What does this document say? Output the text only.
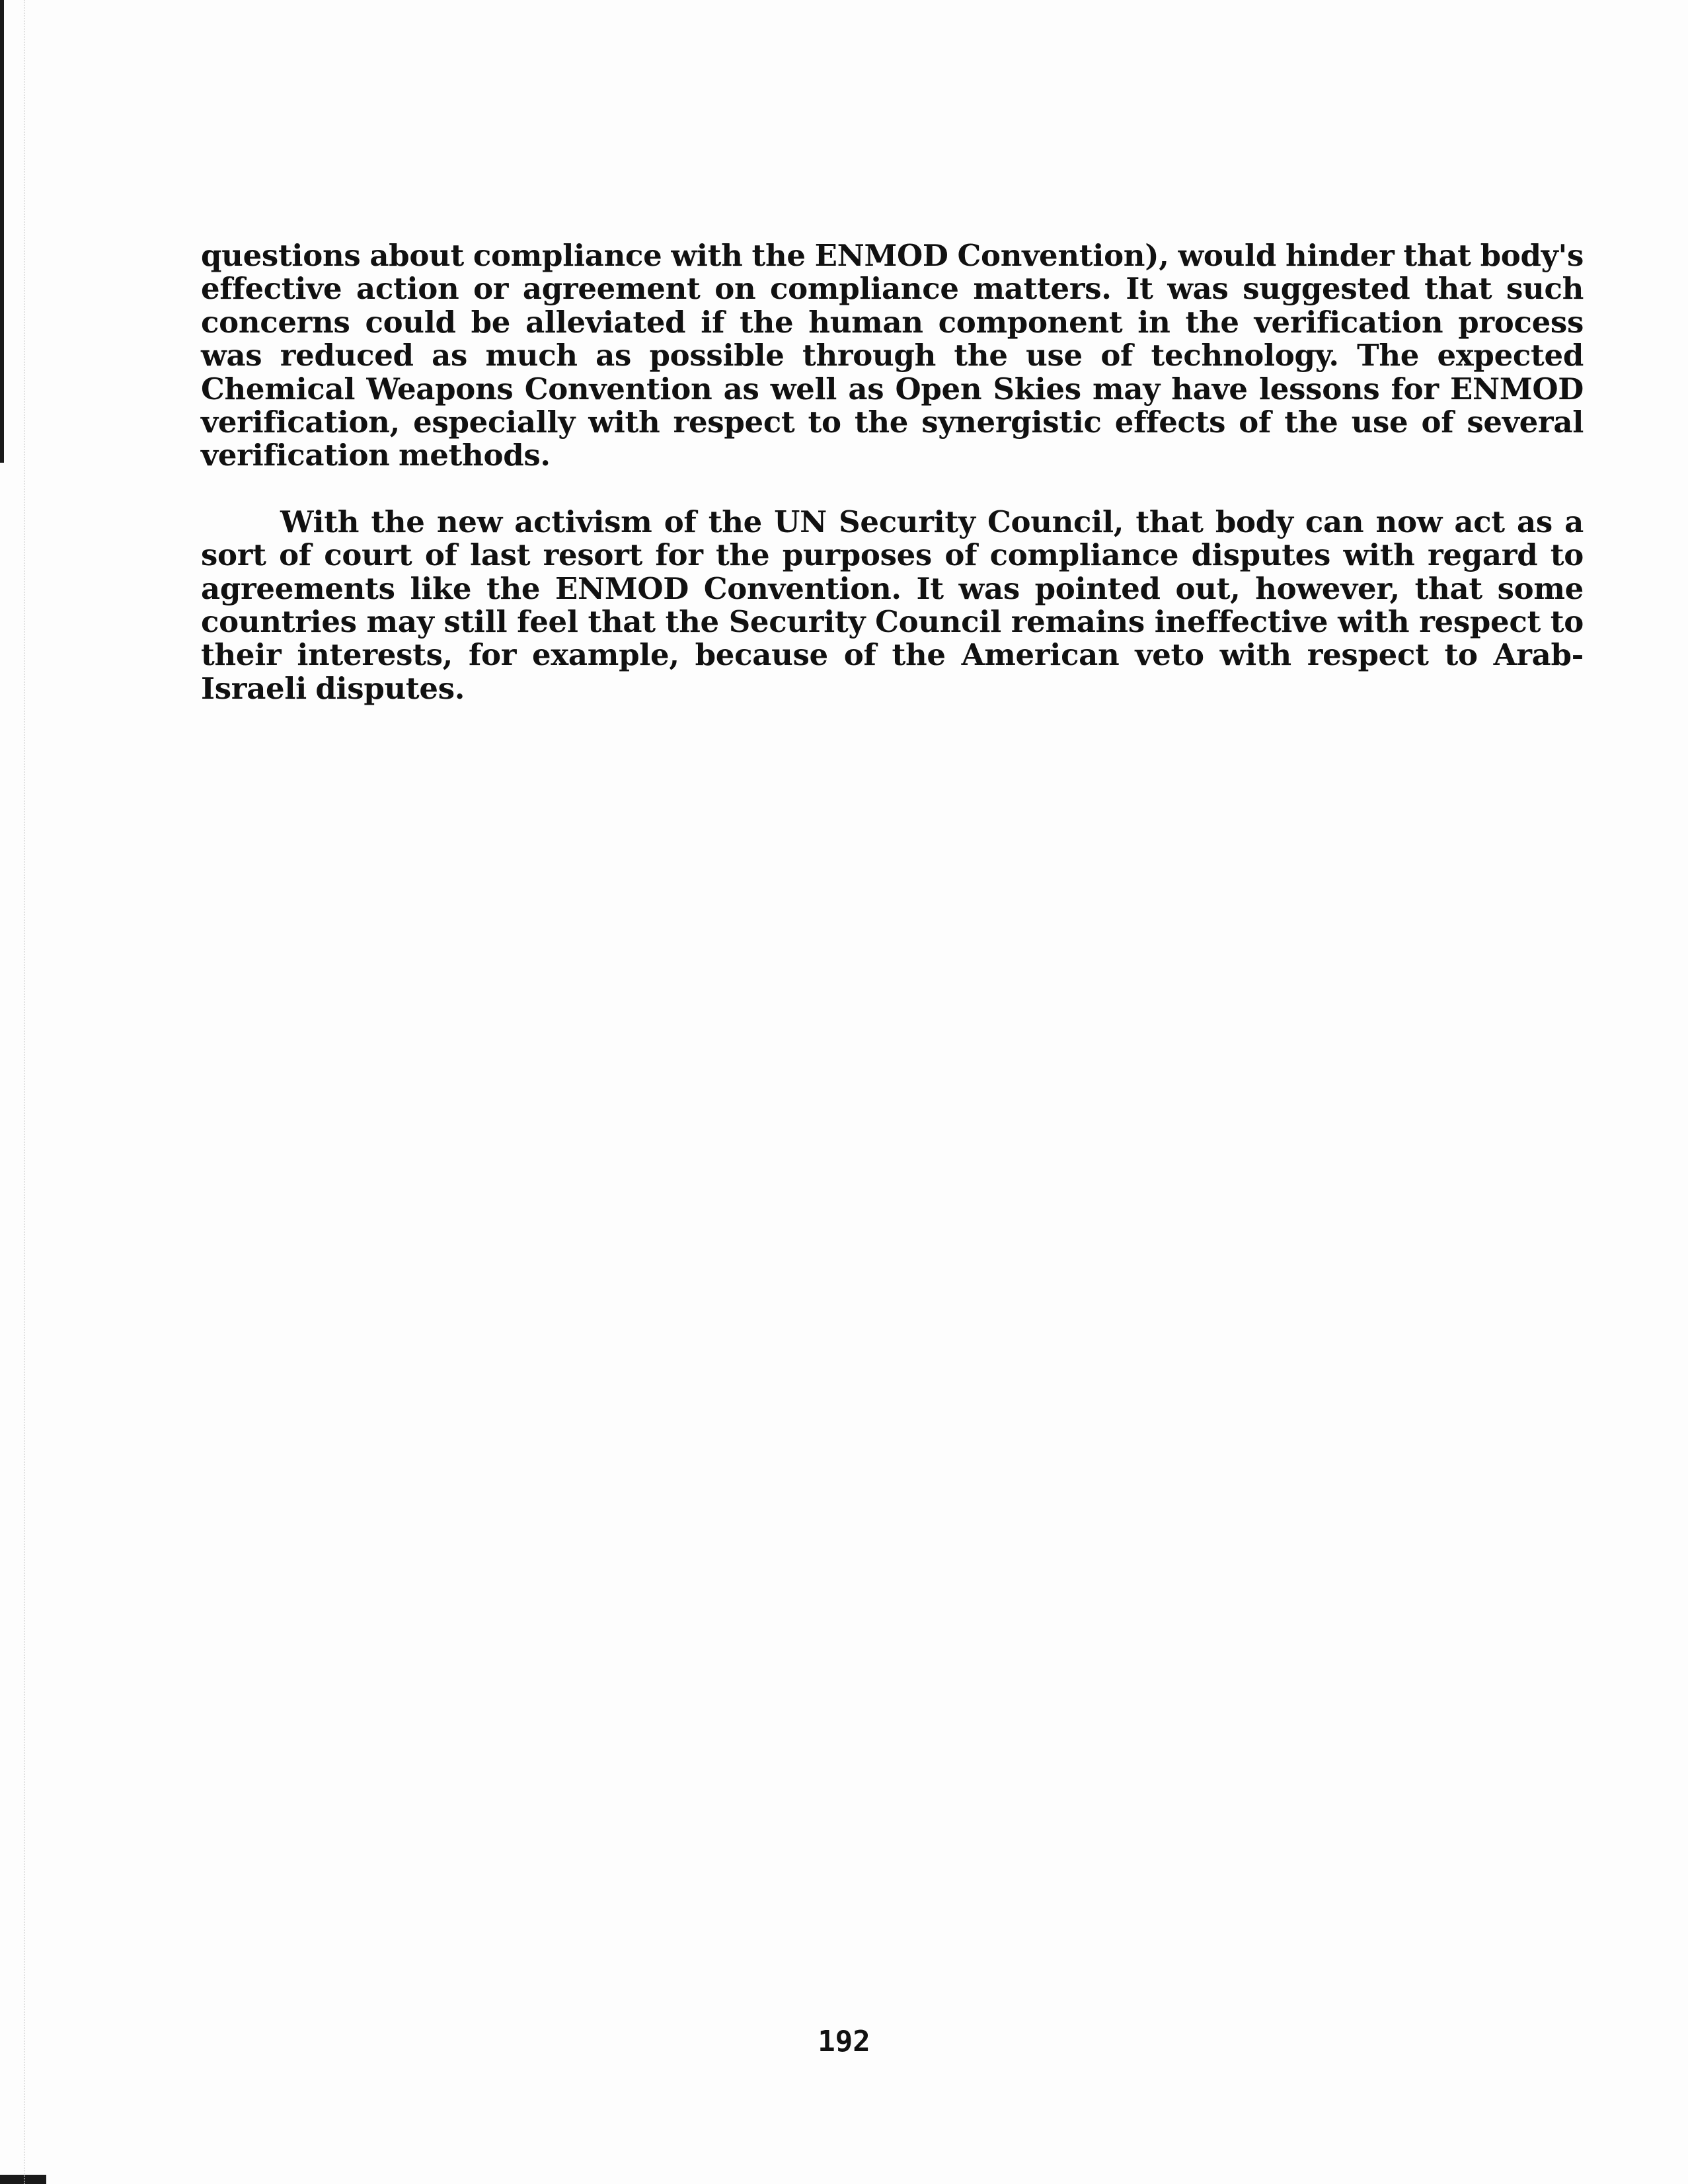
questions about compliance with the ENMOD Convention), would hinder that body's effective action or agreement on compliance matters. It was suggested that such concerns could be alleviated if the human component in the verification process was reduced as much as possible through the use of technology. The expected Chemical Weapons Convention as well as Open Skies may have lessons for ENMOD verification, especially with respect to the synergistic effects of the use of several verification methods.

With the new activism of the UN Security Council, that body can now act as a sort of court of last resort for the purposes of compliance disputes with regard to agreements like the ENMOD Convention. It was pointed out, however, that some countries may still feel that the Security Council remains ineffective with respect to their interests, for example, because of the American veto with respect to Arab-Israeli disputes.

192
